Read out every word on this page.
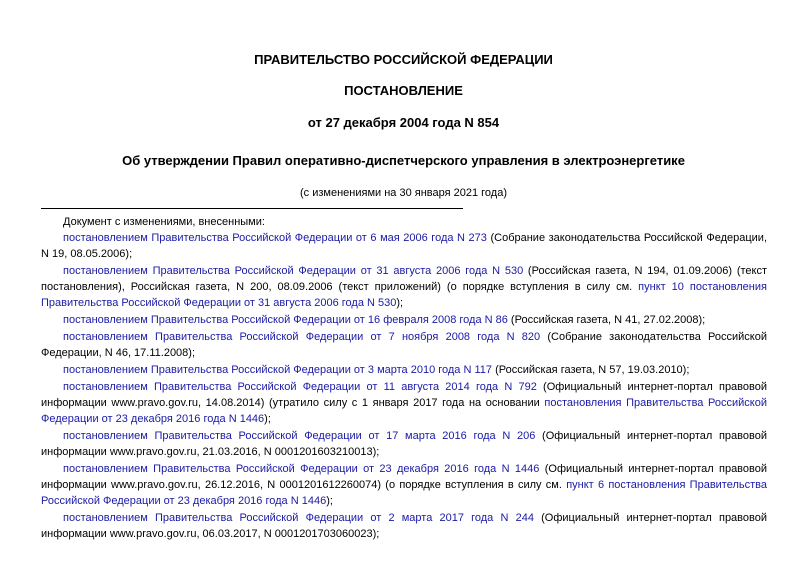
ПРАВИТЕЛЬСТВО РОССИЙСКОЙ ФЕДЕРАЦИИ
ПОСТАНОВЛЕНИЕ
от 27 декабря 2004 года N 854
Об утверждении Правил оперативно-диспетчерского управления в электроэнергетике
(с изменениями на 30 января 2021 года)

Документ с изменениями, внесенными:

постановлением Правительства Российской Федерации от 6 мая 2006 года N 273 (Собрание законодательства Российской Федерации, N 19, 08.05.2006);

постановлением Правительства Российской Федерации от 31 августа 2006 года N 530 (Российская газета, N 194, 01.09.2006) (текст постановления), Российская газета, N 200, 08.09.2006 (текст приложений) (о порядке вступления в силу см. пункт 10 постановления Правительства Российской Федерации от 31 августа 2006 года N 530);

постановлением Правительства Российской Федерации от 16 февраля 2008 года N 86 (Российская газета, N 41, 27.02.2008);

постановлением Правительства Российской Федерации от 7 ноября 2008 года N 820 (Собрание законодательства Российской Федерации, N 46, 17.11.2008);

постановлением Правительства Российской Федерации от 3 марта 2010 года N 117 (Российская газета, N 57, 19.03.2010);

постановлением Правительства Российской Федерации от 11 августа 2014 года N 792 (Официальный интернет-портал правовой информации www.pravo.gov.ru, 14.08.2014) (утратило силу с 1 января 2017 года на основании постановления Правительства Российской Федерации от 23 декабря 2016 года N 1446);

постановлением Правительства Российской Федерации от 17 марта 2016 года N 206 (Официальный интернет-портал правовой информации www.pravo.gov.ru, 21.03.2016, N 0001201603210013);

постановлением Правительства Российской Федерации от 23 декабря 2016 года N 1446 (Официальный интернет-портал правовой информации www.pravo.gov.ru, 26.12.2016, N 0001201612260074) (о порядке вступления в силу см. пункт 6 постановления Правительства Российской Федерации от 23 декабря 2016 года N 1446);

постановлением Правительства Российской Федерации от 2 марта 2017 года N 244 (Официальный интернет-портал правовой информации www.pravo.gov.ru, 06.03.2017, N 0001201703060023);
